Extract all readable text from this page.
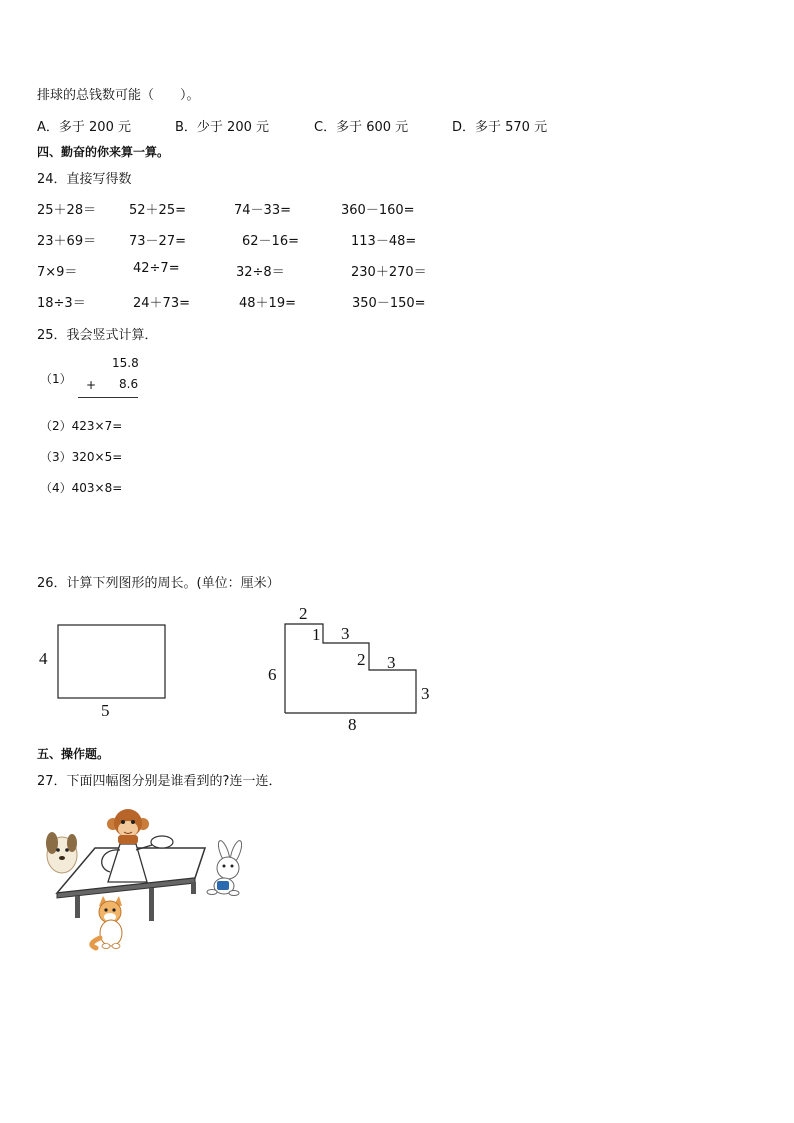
排球的总钱数可能（　　）。
A．多于 200 元	B．少于 200 元	C．多于 600 元	D．多于 570 元
四、勤奋的你来算一算。
24．直接写得数
25＋28＝	52＋25=	74－33=	360－160=
23＋69＝	73－27=	62－16=	113－48=
7×9＝	42÷7=	32÷8＝	230＋270＝
18÷3＝	24＋73=	48＋19=	350－150=
25．我会竖式计算．
（1）
15.8
+ 8.6
（2）423×7=
（3）320×5=
（4）403×8=
26．计算下列图形的周长。(单位：厘米）
4
5
2
1 3
2 3
3
6
8
五、操作题。
27．下面四幅图分别是谁看到的?连一连．
